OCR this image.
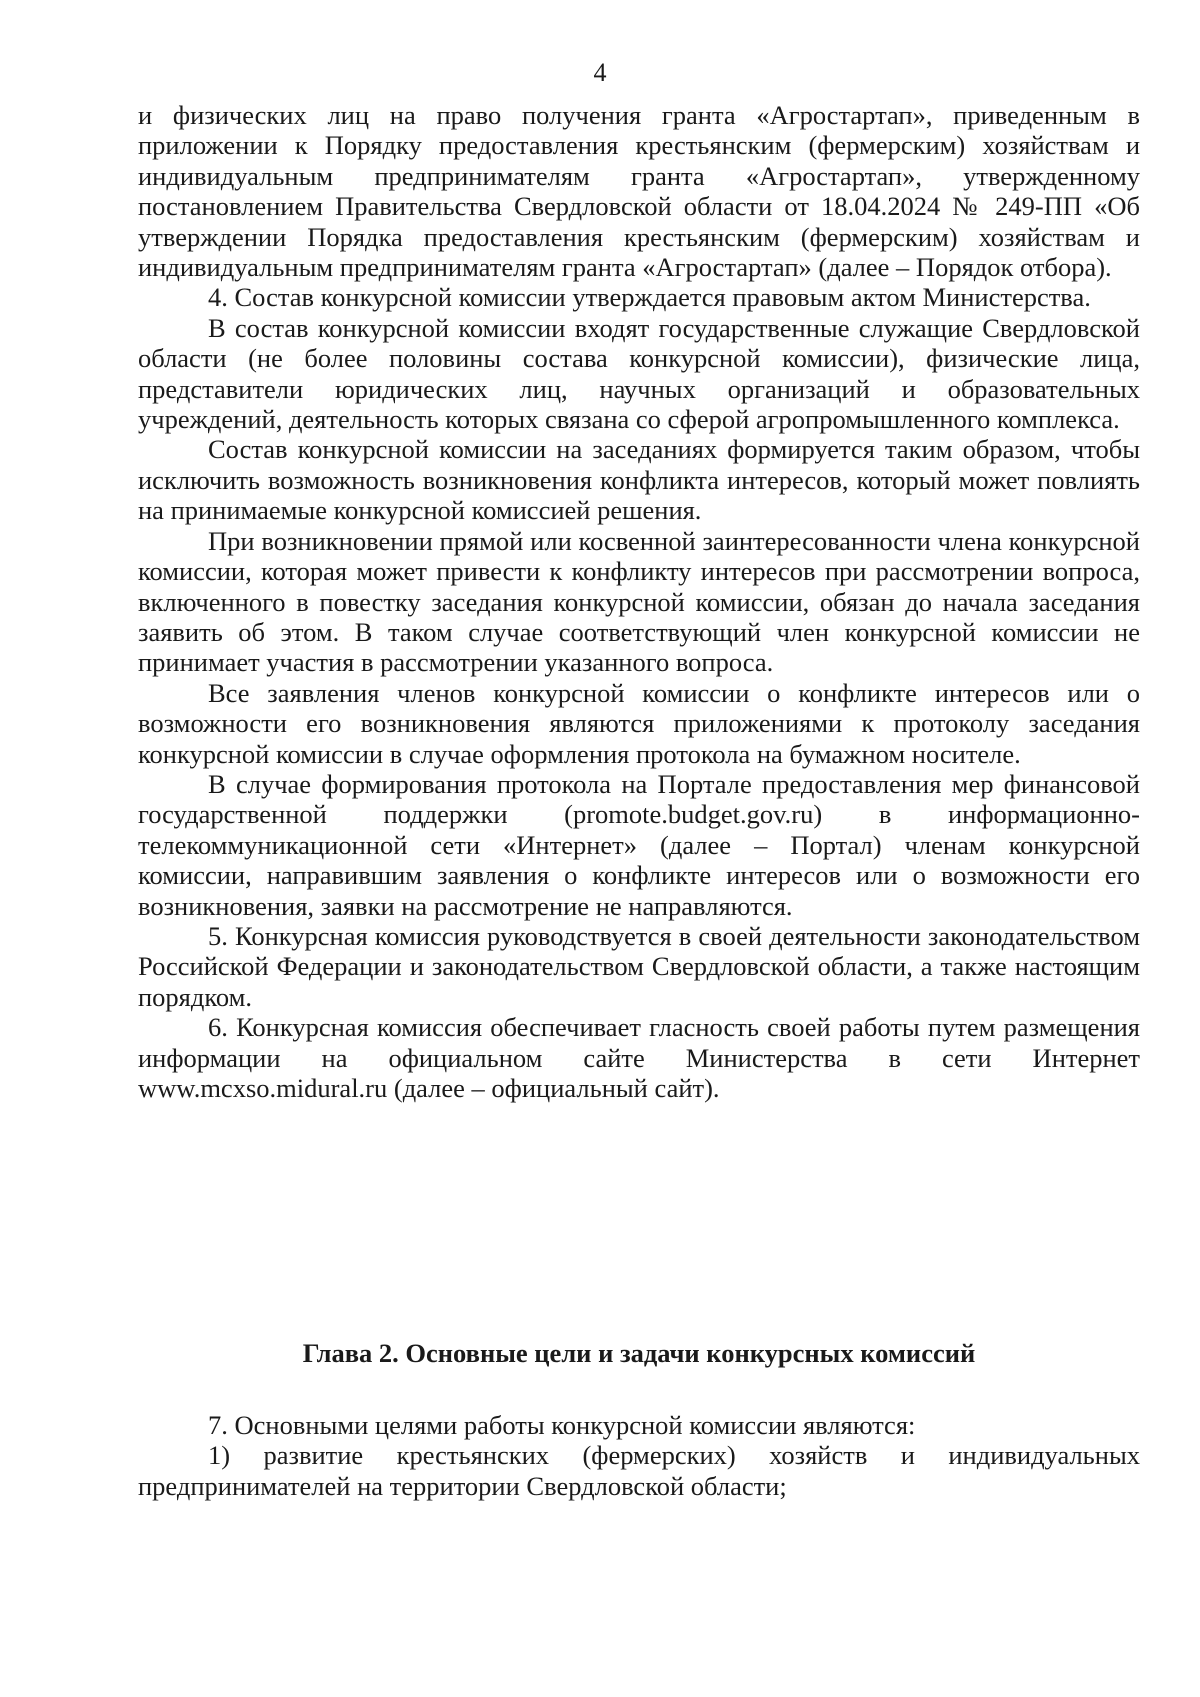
4

и физических лиц на право получения гранта «Агростартап», приведенным в приложении к Порядку предоставления крестьянским (фермерским) хозяйствам и индивидуальным предпринимателям гранта «Агростартап», утвержденному постановлением Правительства Свердловской области от 18.04.2024 № 249-ПП «Об утверждении Порядка предоставления крестьянским (фермерским) хозяйствам и индивидуальным предпринимателям гранта «Агростартап» (далее – Порядок отбора).

4. Состав конкурсной комиссии утверждается правовым актом Министерства.

В состав конкурсной комиссии входят государственные служащие Свердловской области (не более половины состава конкурсной комиссии), физические лица, представители юридических лиц, научных организаций и образовательных учреждений, деятельность которых связана со сферой агропромышленного комплекса.

Состав конкурсной комиссии на заседаниях формируется таким образом, чтобы исключить возможность возникновения конфликта интересов, который может повлиять на принимаемые конкурсной комиссией решения.

При возникновении прямой или косвенной заинтересованности члена конкурсной комиссии, которая может привести к конфликту интересов при рассмотрении вопроса, включенного в повестку заседания конкурсной комиссии, обязан до начала заседания заявить об этом. В таком случае соответствующий член конкурсной комиссии не принимает участия в рассмотрении указанного вопроса.

Все заявления членов конкурсной комиссии о конфликте интересов или о возможности его возникновения являются приложениями к протоколу заседания конкурсной комиссии в случае оформления протокола на бумажном носителе.

В случае формирования протокола на Портале предоставления мер финансовой государственной поддержки (promote.budget.gov.ru) в информационно-телекоммуникационной сети «Интернет» (далее – Портал) членам конкурсной комиссии, направившим заявления о конфликте интересов или о возможности его возникновения, заявки на рассмотрение не направляются.

5. Конкурсная комиссия руководствуется в своей деятельности законодательством Российской Федерации и законодательством Свердловской области, а также настоящим порядком.

6. Конкурсная комиссия обеспечивает гласность своей работы путем размещения информации на официальном сайте Министерства в сети Интернет www.mcxso.midural.ru (далее – официальный сайт).

Глава 2. Основные цели и задачи конкурсных комиссий

7. Основными целями работы конкурсной комиссии являются:

1) развитие крестьянских (фермерских) хозяйств и индивидуальных предпринимателей на территории Свердловской области;
